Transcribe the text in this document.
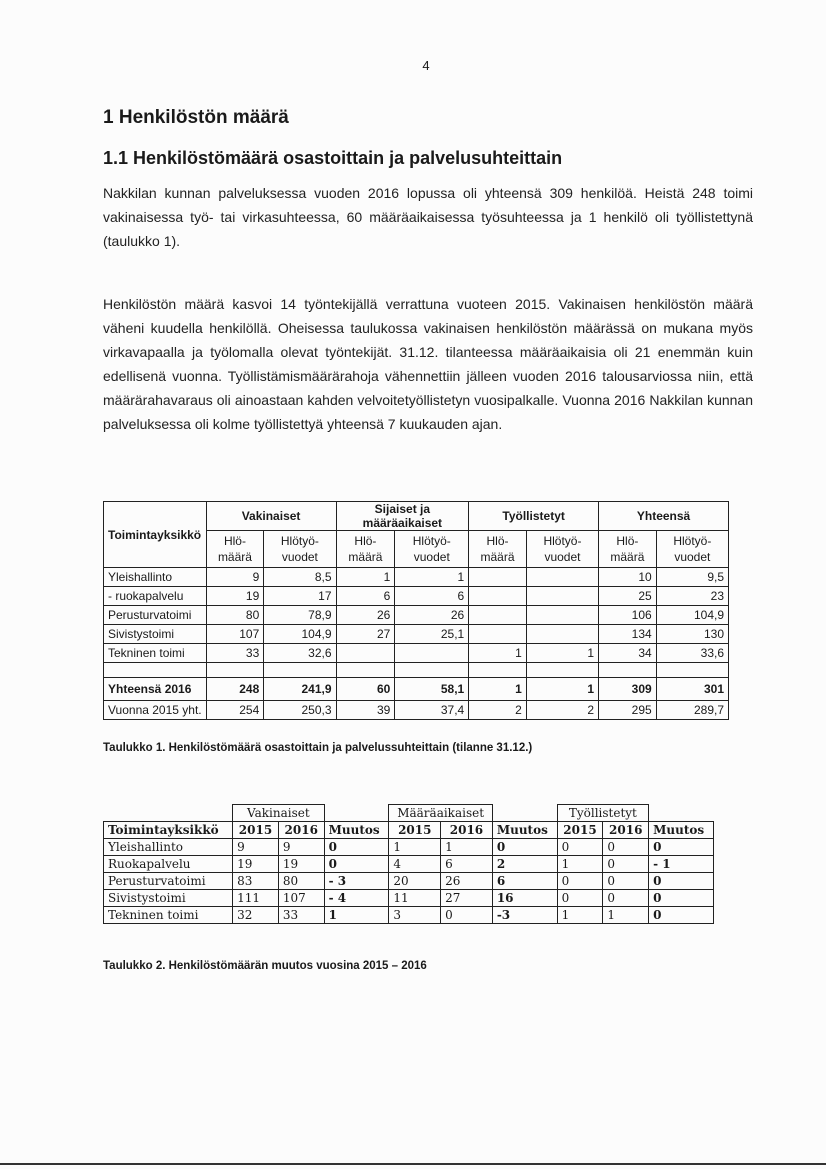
4
1 Henkilöstön määrä
1.1 Henkilöstömäärä osastoittain ja palvelusuhteittain

Nakkilan kunnan palveluksessa vuoden 2016 lopussa oli yhteensä 309 henkilöä. Heistä 248 toimi vakinaisessa työ- tai virkasuhteessa, 60 määräaikaisessa työsuhteessa ja 1 henkilö oli työllistettynä (taulukko 1).

Henkilöstön määrä kasvoi 14 työntekijällä verrattuna vuoteen 2015. Vakinaisen henkilöstön määrä väheni kuudella henkilöllä. Oheisessa taulukossa vakinaisen henkilöstön määrässä on mukana myös virkavapaalla ja työlomalla olevat työntekijät. 31.12. tilanteessa määräaikaisia oli 21 enemmän kuin edellisenä vuonna. Työllistämismäärärahoja vähennettiin jälleen vuoden 2016 talousarviossa niin, että määrärahavaraus oli ainoastaan kahden velvoitetyöllistetyn vuosipalkalle. Vuonna 2016 Nakkilan kunnan palveluksessa oli kolme työllistettyä yhteensä 7 kuukauden ajan.

Toimintayksikkö	Vakinaiset		Sijaiset ja määräaikaiset		Työllistetyt		Yhteensä	
	Hlö-määrä	Hlötyö-vuodet	Hlö-määrä	Hlötyö-vuodet	Hlö-määrä	Hlötyö-vuodet	Hlö-määrä	Hlötyö-vuodet
Yleishallinto	9	8,5	1	1			10	9,5
- ruokapalvelu	19	17	6	6			25	23
Perusturvatoimi	80	78,9	26	26			106	104,9
Sivistystoimi	107	104,9	27	25,1			134	130
Tekninen toimi	33	32,6			1	1	34	33,6

Yhteensä 2016	248	241,9	60	58,1	1	1	309	301
Vuonna 2015 yht.	254	250,3	39	37,4	2	2	295	289,7

Taulukko 1. Henkilöstömäärä osastoittain ja palvelussuhteittain (tilanne 31.12.)

	Vakinaiset			Määräaikaiset			Työllistetyt		
Toimintayksikkö	2015	2016	Muutos	2015	2016	Muutos	2015	2016	Muutos
Yleishallinto	9	9	0	1	1	0	0	0	0
Ruokapalvelu	19	19	0	4	6	2	1	0	- 1
Perusturvatoimi	83	80	- 3	20	26	6	0	0	0
Sivistystoimi	111	107	- 4	11	27	16	0	0	0
Tekninen toimi	32	33	1	3	0	-3	1	1	0

Taulukko 2. Henkilöstömäärän muutos vuosina 2015 – 2016
